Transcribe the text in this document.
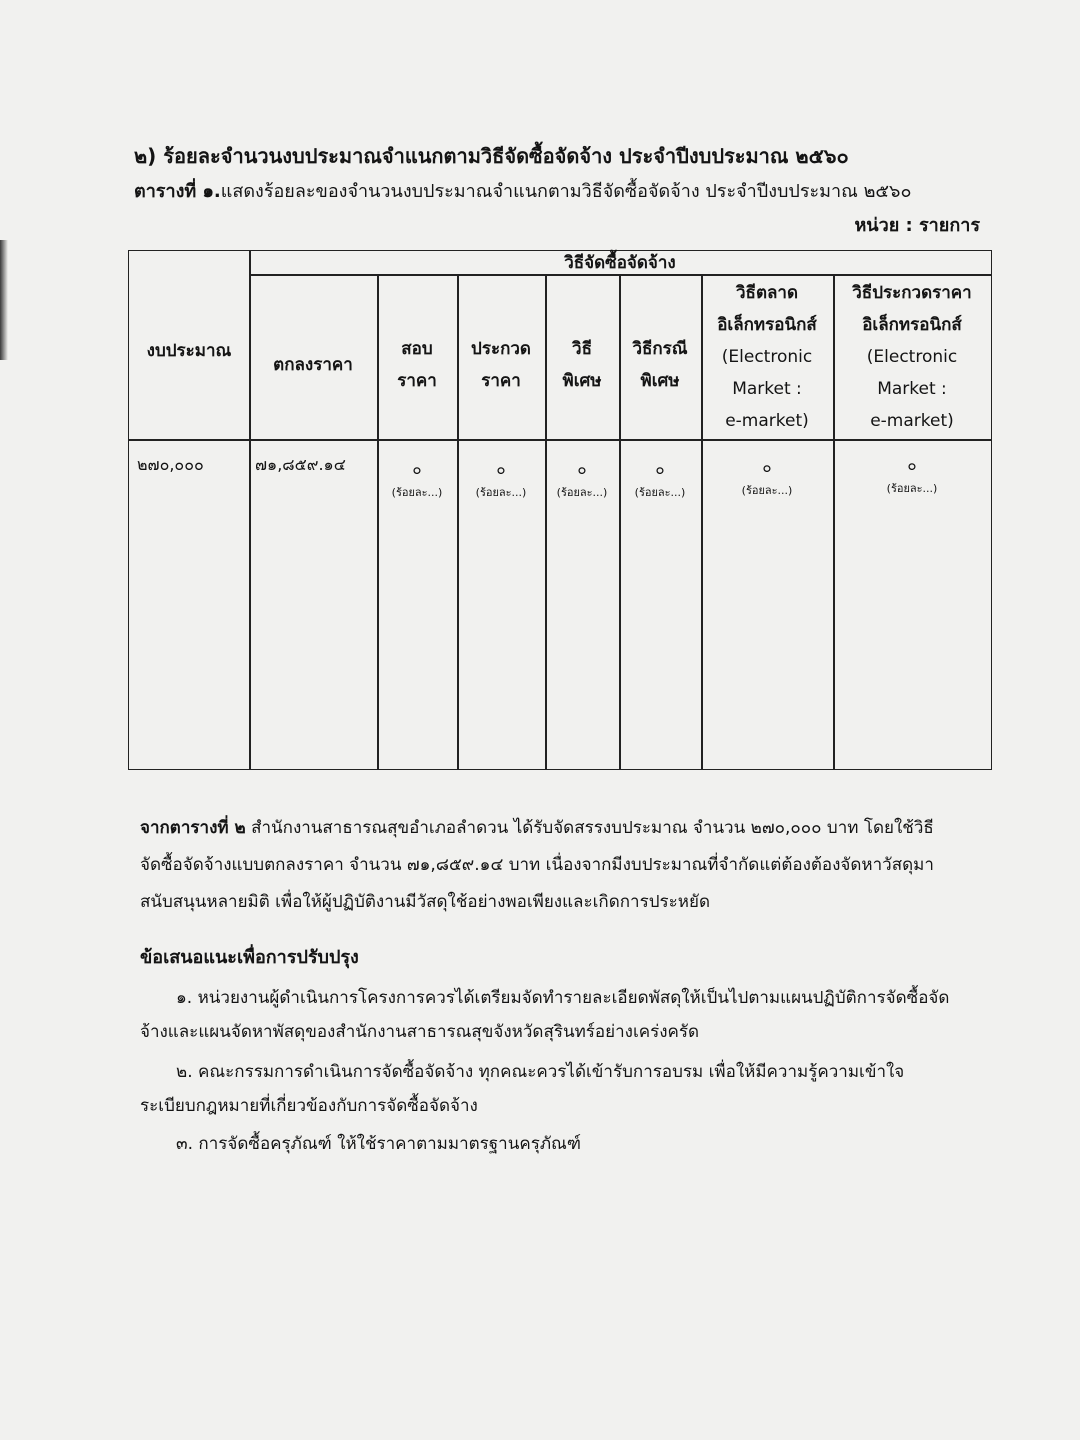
๒) ร้อยละจำนวนงบประมาณจำแนกตามวิธีจัดซื้อจัดจ้าง ประจำปีงบประมาณ ๒๕๖๐
ตารางที่ ๑.แสดงร้อยละของจำนวนงบประมาณจำแนกตามวิธีจัดซื้อจัดจ้าง ประจำปีงบประมาณ ๒๕๖๐
หน่วย : รายการ
งบประมาณ
วิธีจัดซื้อจัดจ้าง
ตกลงราคา
สอบ
ราคา
ประกวด
ราคา
วิธี
พิเศษ
วิธีกรณี
พิเศษ
วิธีตลาด
อิเล็กทรอนิกส์
(Electronic
Market :
e-market)
วิธีประกวดราคา
อิเล็กทรอนิกส์
(Electronic
Market :
e-market)
๒๗๐,๐๐๐	๗๑,๘๕๙.๑๔	๐
(ร้อยละ...)
๐
(ร้อยละ...)
๐
(ร้อยละ...)
๐
(ร้อยละ...)
๐
(ร้อยละ...)
๐
(ร้อยละ...)
จากตารางที่ ๒ สำนักงานสาธารณสุขอำเภอลำดวน ได้รับจัดสรรงบประมาณ จำนวน ๒๗๐,๐๐๐ บาท โดยใช้วิธี
จัดซื้อจัดจ้างแบบตกลงราคา จำนวน ๗๑,๘๕๙.๑๔ บาท เนื่องจากมีงบประมาณที่จำกัดแต่ต้องต้องจัดหาวัสดุมา
สนับสนุนหลายมิติ เพื่อให้ผู้ปฏิบัติงานมีวัสดุใช้อย่างพอเพียงและเกิดการประหยัด
ข้อเสนอแนะเพื่อการปรับปรุง
๑. หน่วยงานผู้ดำเนินการโครงการควรได้เตรียมจัดทำรายละเอียดพัสดุให้เป็นไปตามแผนปฏิบัติการจัดซื้อจัด
จ้างและแผนจัดหาพัสดุของสำนักงานสาธารณสุขจังหวัดสุรินทร์อย่างเคร่งครัด
๒. คณะกรรมการดำเนินการจัดซื้อจัดจ้าง ทุกคณะควรได้เข้ารับการอบรม เพื่อให้มีความรู้ความเข้าใจ
ระเบียบกฎหมายที่เกี่ยวข้องกับการจัดซื้อจัดจ้าง
๓. การจัดซื้อครุภัณฑ์ ให้ใช้ราคาตามมาตรฐานครุภัณฑ์
